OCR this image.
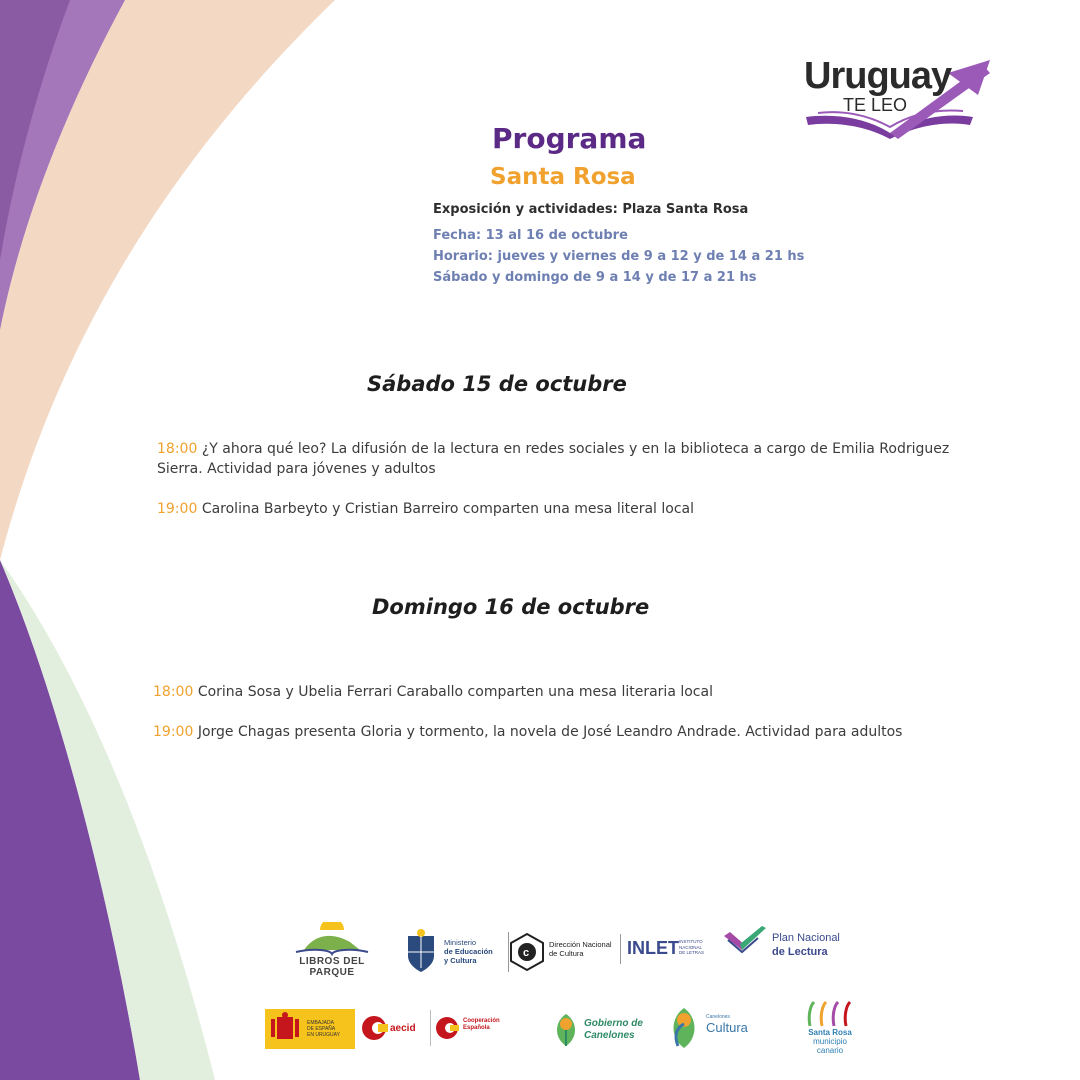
Uruguay
TE LEO
Programa
Santa Rosa
Exposición y actividades: Plaza Santa Rosa
Fecha: 13 al 16 de octubre
Horario: jueves y viernes de 9 a 12 y de 14 a 21 hs
Sábado y domingo de 9 a 14 y de 17 a 21 hs
Sábado 15 de octubre
18:00 ¿Y ahora qué leo? La difusión de la lectura en redes sociales y en la biblioteca a cargo de Emilia Rodriguez Sierra. Actividad para jóvenes y adultos
19:00 Carolina Barbeyto y Cristian Barreiro comparten una mesa literal local
Domingo 16 de octubre
18:00 Corina Sosa y Ubelia Ferrari Caraballo comparten una mesa literaria local
19:00 Jorge Chagas presenta Gloria y tormento, la novela de José Leandro Andrade. Actividad para adultos
LIBROS DEL PARQUE
Ministerio
de Educación
y Cultura
c
Dirección Nacional
de Cultura	INLET INSTITUTO
NACIONAL
DE LETRAS
Plan Nacional
de Lectura
EMBAJADA
DE ESPAÑA
EN URUGUAY
aecid
Cooperación
Española	Gobierno de
Canelones
Canelones
Cultura	Santa Rosa
municipio
canario
